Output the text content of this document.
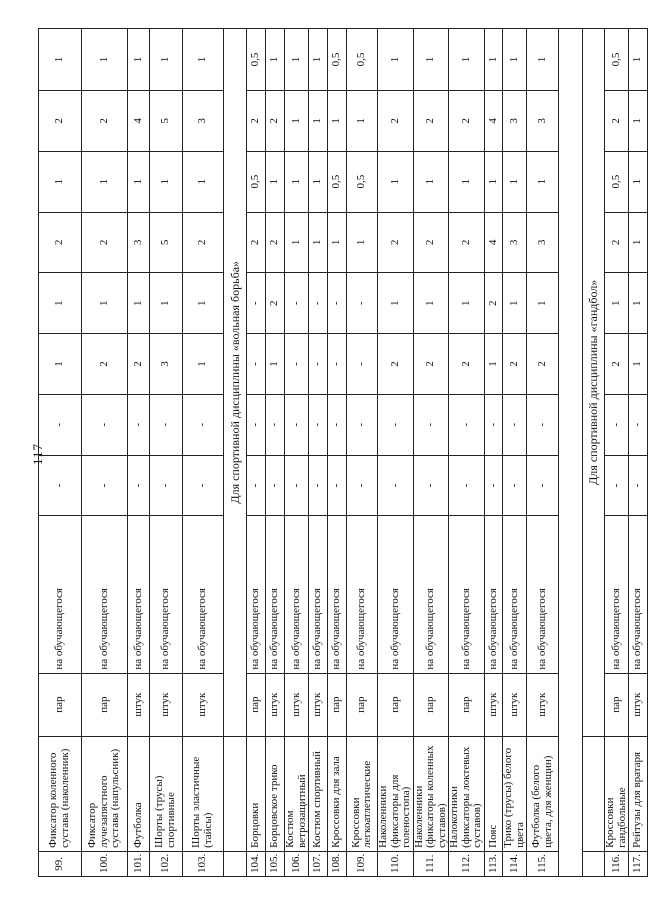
117
99.	Фиксатор коленного сустава (наколенник)	пар	на обучающегося	-	-	1	1	2	1	2	1
100.	Фиксатор лучезапястного сустава (напульсник)	пар	на обучающегося	-	-	2	1	2	1	2	1
101.	Футболка	штук	на обучающегося	-	-	2	1	3	1	4	1
102.	Шорты (трусы) спортивные	штук	на обучающегося	-	-	3	1	5	1	5	1
103.	Шорты эластичные (тайсы)	штук	на обучающегося	-	-	1	1	2	1	3	1
		Для спортивной дисциплины «вольная борьба»									
104.	Борцовки	пар	на обучающегося	-	-	-	-	2	0,5	2	0,5
105.	Борцовское трико	штук	на обучающегося	-	-	1	2	2	1	2	1
106.	Костюм ветрозащитный	штук	на обучающегося	-	-	-	-	1	1	1	1
107.	Костюм спортивный	штук	на обучающегося	-	-	-	-	1	1	1	1
108.	Кроссовки для зала	пар	на обучающегося	-	-	-	-	1	0,5	1	0,5
109.	Кроссовки легкоатлетические	пар	на обучающегося	-	-	-	-	1	0,5	1	0,5
110.	Наколенники (фиксаторы для голеностопа)	пар	на обучающегося	-	-	2	1	2	1	2	1
111.	Наколенники (фиксаторы коленных суставов)	пар	на обучающегося	-	-	2	1	2	1	2	1
112.	Налокотники (фиксаторы локтевых суставов)	пар	на обучающегося	-	-	2	1	2	1	2	1
113.	Пояс	штук	на обучающегося	-	-	1	2	4	1	4	1
114.	Трико (трусы) белого цвета	штук	на обучающегося	-	-	2	1	3	1	3	1
115.	Футболка (белого цвета, для женщин)	штук	на обучающегося	-	-	2	1	3	1	3	1

		Для спортивной дисциплины «гандбол»									
116.	Кроссовки гандбольные	пар	на обучающегося	-	-	2	1	2	0,5	2	0,5
117.	Рейтузы для вратаря	штук	на обучающегося	-	-	1	1	1	1	1	1
